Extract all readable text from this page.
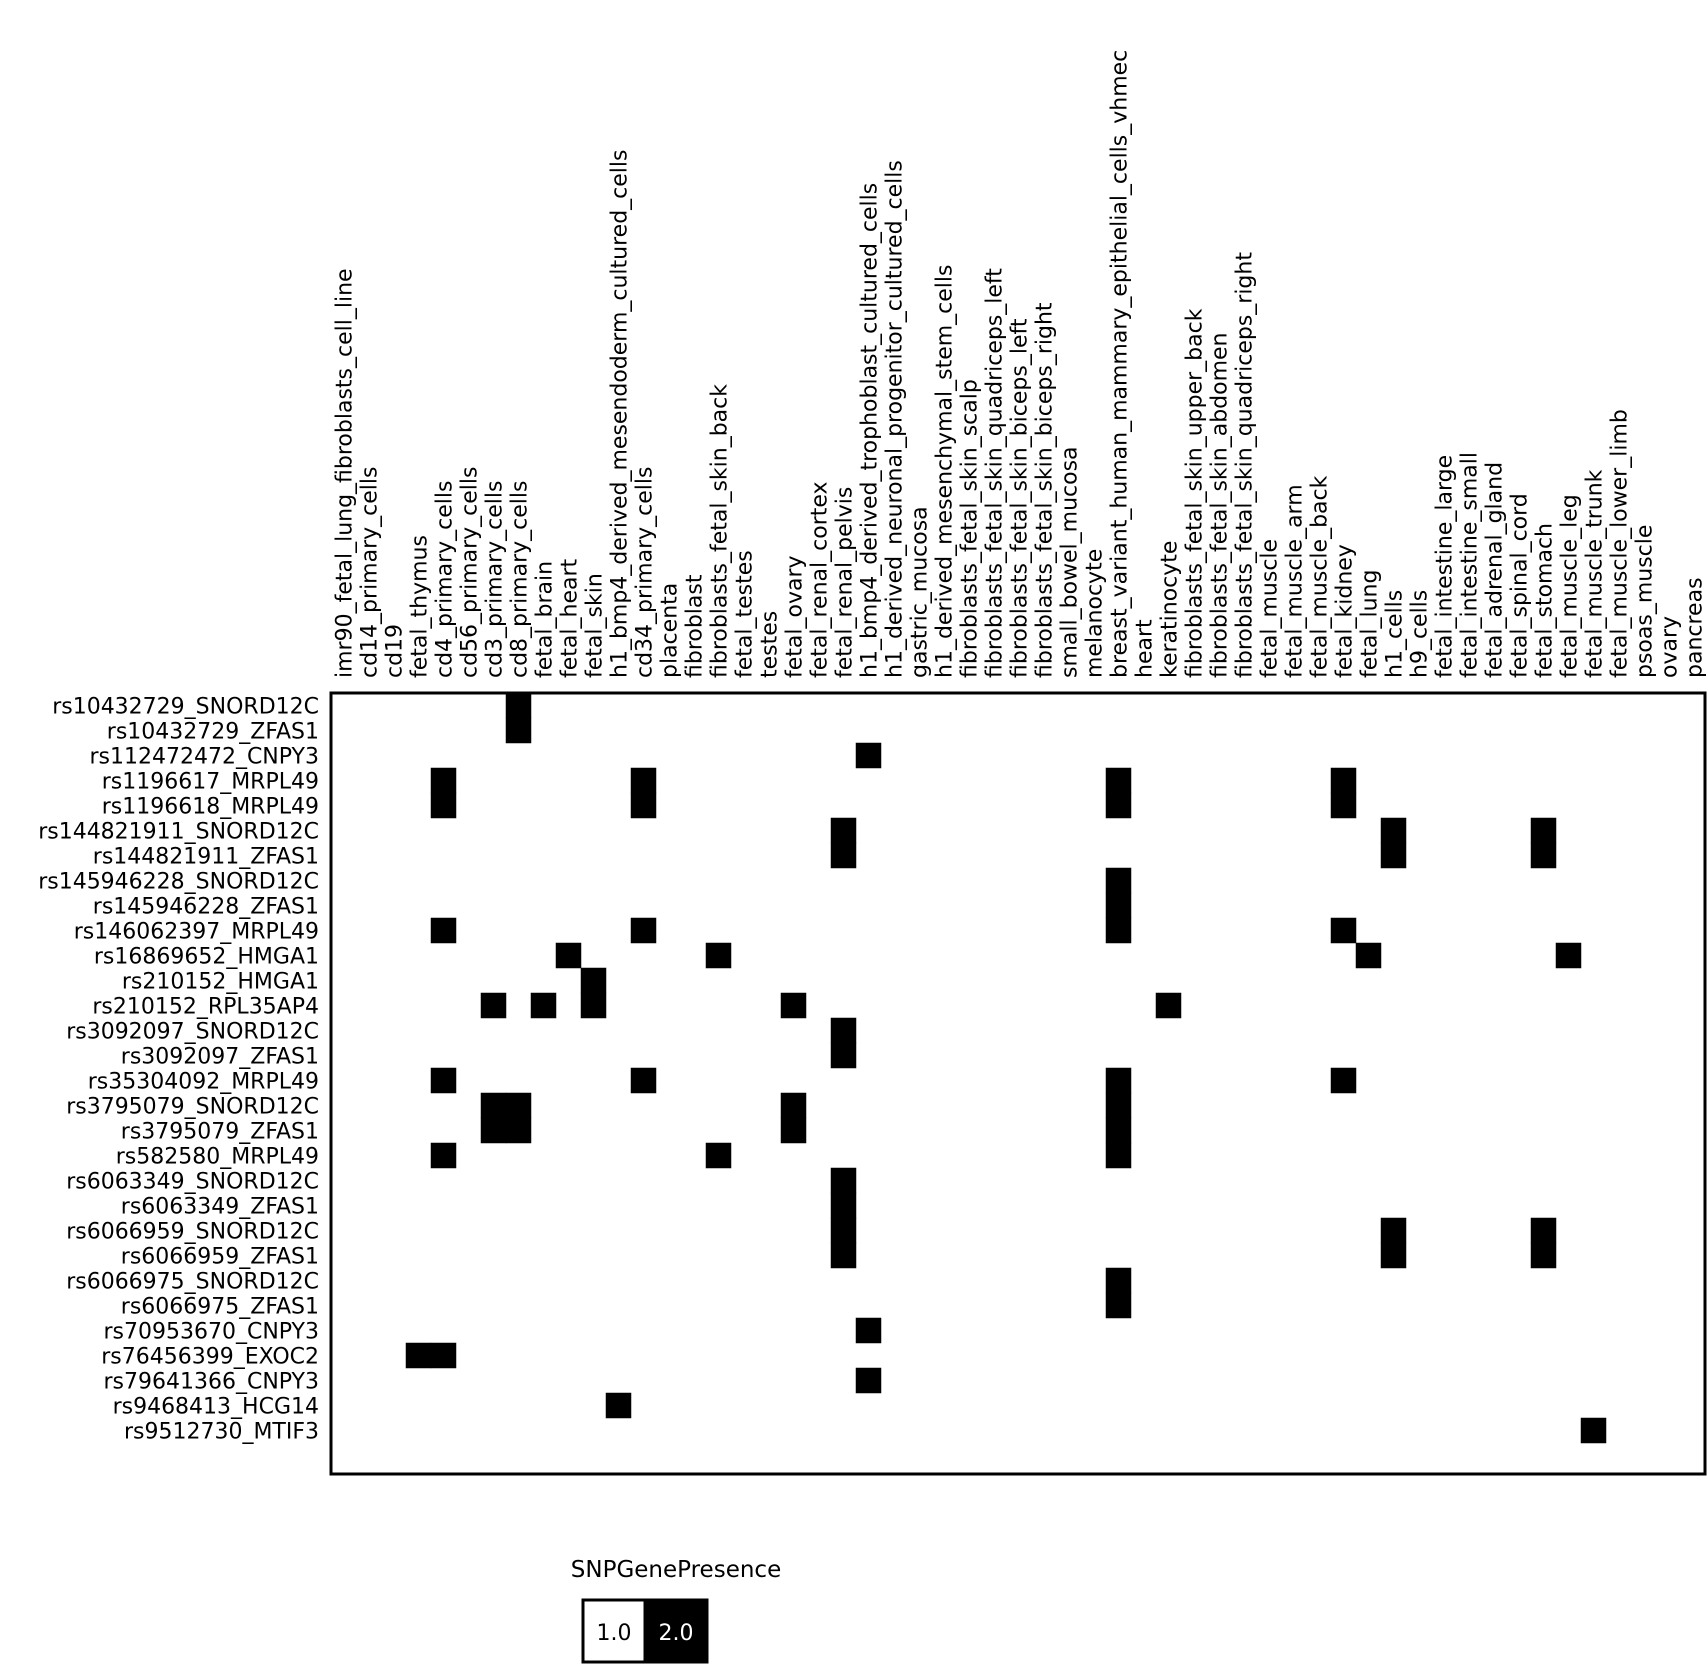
imr90_fetal_lung_fibroblasts_cell_line cd14_primary_cells cd19 fetal_thymus cd4_primary_cells cd56_primary_cells cd3_primary_cells cd8_primary_cells fetal_brain fetal_heart fetal_skin h1_bmp4_derived_mesendoderm_cultured_cells cd34_primary_cells placenta fibroblast fibroblasts_fetal_skin_back fetal_testes testes fetal_ovary fetal_renal_cortex fetal_renal_pelvis h1_bmp4_derived_trophoblast_cultured_cells h1_derived_neuronal_progenitor_cultured_cells gastric_mucosa h1_derived_mesenchymal_stem_cells fibroblasts_fetal_skin_scalp fibroblasts_fetal_skin_quadriceps_left fibroblasts_fetal_skin_biceps_left fibroblasts_fetal_skin_biceps_right small_bowel_mucosa melanocyte breast_variant_human_mammary_epithelial_cells_vhmec heart keratinocyte fibroblasts_fetal_skin_upper_back fibroblasts_fetal_skin_abdomen fibroblasts_fetal_skin_quadriceps_right fetal_muscle fetal_muscle_arm fetal_muscle_back fetal_kidney fetal_lung h1_cells h9_cells fetal_intestine_large fetal_intestine_small fetal_adrenal_gland fetal_spinal_cord fetal_stomach fetal_muscle_leg fetal_muscle_trunk fetal_muscle_lower_limb psoas_muscle ovary pancreas
rs10432729_SNORD12C
rs10432729_ZFAS1
rs112472472_CNPY3
rs1196617_MRPL49
rs1196618_MRPL49
rs144821911_SNORD12C
rs144821911_ZFAS1
rs145946228_SNORD12C
rs145946228_ZFAS1
rs146062397_MRPL49
rs16869652_HMGA1
rs210152_HMGA1
rs210152_RPL35AP4
rs3092097_SNORD12C
rs3092097_ZFAS1
rs35304092_MRPL49
rs3795079_SNORD12C
rs3795079_ZFAS1
rs582580_MRPL49
rs6063349_SNORD12C
rs6063349_ZFAS1
rs6066959_SNORD12C
rs6066959_ZFAS1
rs6066975_SNORD12C
rs6066975_ZFAS1
rs70953670_CNPY3
rs76456399_EXOC2
rs79641366_CNPY3
rs9468413_HCG14
rs9512730_MTIF3
SNPGenePresence
1.0 2.0
